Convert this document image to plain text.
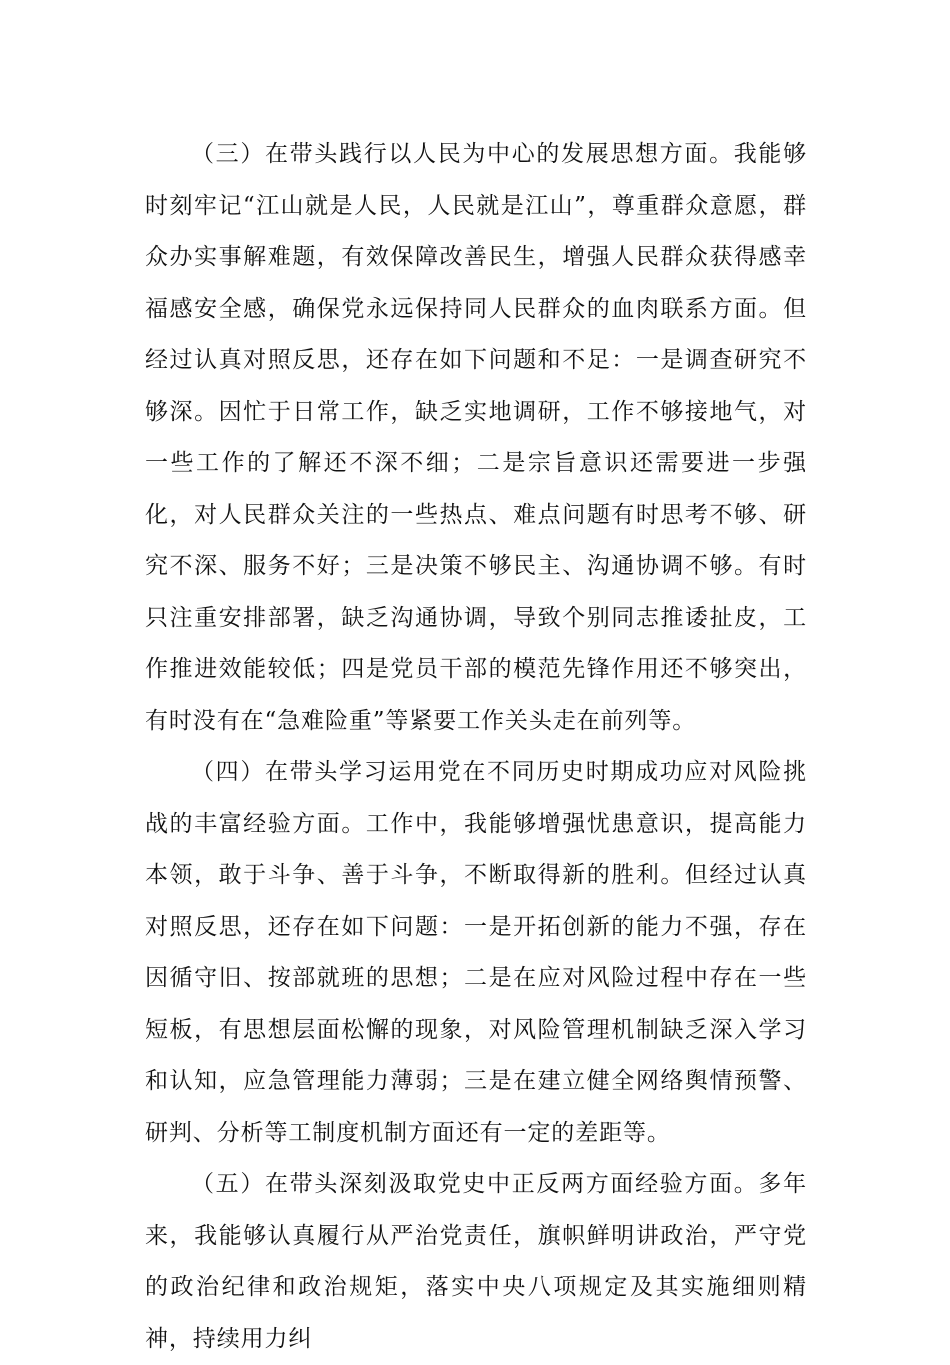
（三）在带头践行以人民为中心的发展思想方面。我能够时刻牢记“江山就是人民，人民就是江山”，尊重群众意愿，群众办实事解难题，有效保障改善民生，增强人民群众获得感幸福感安全感，确保党永远保持同人民群众的血肉联系方面。但经过认真对照反思，还存在如下问题和不足：一是调查研究不够深。因忙于日常工作，缺乏实地调研，工作不够接地气，对一些工作的了解还不深不细；二是宗旨意识还需要进一步强化，对人民群众关注的一些热点、难点问题有时思考不够、研究不深、服务不好；三是决策不够民主、沟通协调不够。有时只注重安排部署，缺乏沟通协调，导致个别同志推诿扯皮，工作推进效能较低；四是党员干部的模范先锋作用还不够突出，有时没有在“急难险重”等紧要工作关头走在前列等。

（四）在带头学习运用党在不同历史时期成功应对风险挑战的丰富经验方面。工作中，我能够增强忧患意识，提高能力本领，敢于斗争、善于斗争，不断取得新的胜利。但经过认真对照反思，还存在如下问题：一是开拓创新的能力不强，存在因循守旧、按部就班的思想；二是在应对风险过程中存在一些短板，有思想层面松懈的现象，对风险管理机制缺乏深入学习和认知，应急管理能力薄弱；三是在建立健全网络舆情预警、研判、分析等工制度机制方面还有一定的差距等。

（五）在带头深刻汲取党史中正反两方面经验方面。多年来，我能够认真履行从严治党责任，旗帜鲜明讲政治，严守党的政治纪律和政治规矩，落实中央八项规定及其实施细则精神，持续用力纠
